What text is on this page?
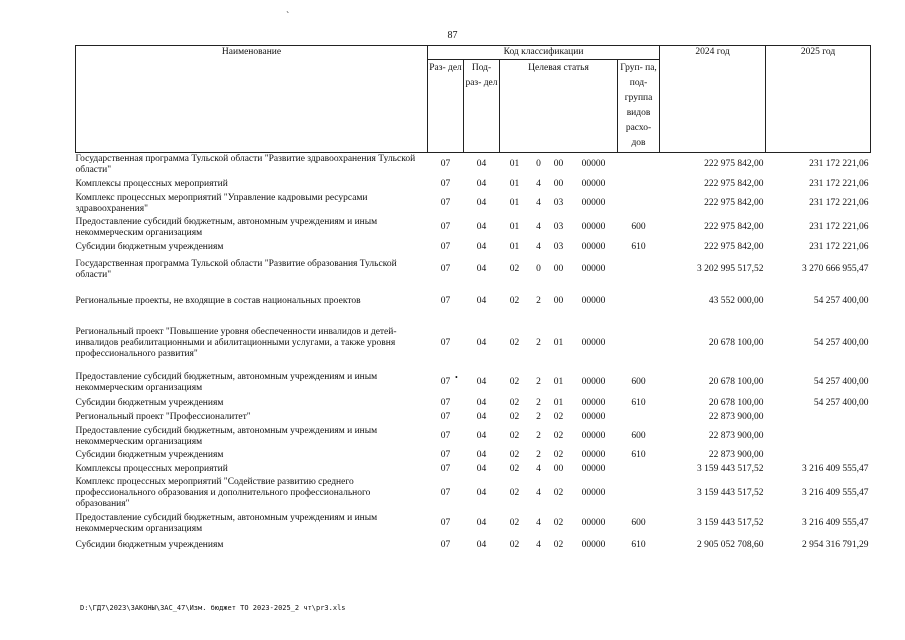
`
87
•
Наименование	Код классификации							2024 год	2025 год
	Раз- дел	Под- раз- дел	Целевая статья				Груп- па, под- группа видов расхо- дов		
Государственная программа Тульской области "Развитие здравоохранения Тульской области"	07	04	01	0	00	00000		222 975 842,00	231 172 221,06
Комплексы процессных мероприятий	07	04	01	4	00	00000		222 975 842,00	231 172 221,06
Комплекс процессных мероприятий "Управление кадровыми ресурсами здравоохранения"	07	04	01	4	03	00000		222 975 842,00	231 172 221,06
Предоставление субсидий бюджетным, автономным учреждениям и иным некоммерческим организациям	07	04	01	4	03	00000	600	222 975 842,00	231 172 221,06
Субсидии бюджетным учреждениям	07	04	01	4	03	00000	610	222 975 842,00	231 172 221,06
Государственная программа Тульской области "Развитие образования Тульской области"	07	04	02	0	00	00000		3 202 995 517,52	3 270 666 955,47
Региональные проекты, не входящие в состав национальных проектов	07	04	02	2	00	00000		43 552 000,00	54 257 400,00
Региональный проект "Повышение уровня обеспеченности инвалидов и детей-инвалидов реабилитационными и абилитационными услугами, а также уровня профессионального развития"	07	04	02	2	01	00000		20 678 100,00	54 257 400,00
Предоставление субсидий бюджетным, автономным учреждениям и иным некоммерческим организациям	07	04	02	2	01	00000	600	20 678 100,00	54 257 400,00
Субсидии бюджетным учреждениям	07	04	02	2	01	00000	610	20 678 100,00	54 257 400,00
Региональный проект "Профессионалитет"	07	04	02	2	02	00000		22 873 900,00	
Предоставление субсидий бюджетным, автономным учреждениям и иным некоммерческим организациям	07	04	02	2	02	00000	600	22 873 900,00	
Субсидии бюджетным учреждениям	07	04	02	2	02	00000	610	22 873 900,00	
Комплексы процессных мероприятий	07	04	02	4	00	00000		3 159 443 517,52	3 216 409 555,47
Комплекс процессных мероприятий "Содействие развитию среднего профессионального образования и дополнительного профессионального образования"	07	04	02	4	02	00000		3 159 443 517,52	3 216 409 555,47
Предоставление субсидий бюджетным, автономным учреждениям и иным некоммерческим организациям	07	04	02	4	02	00000	600	3 159 443 517,52	3 216 409 555,47
Субсидии бюджетным учреждениям	07	04	02	4	02	00000	610	2 905 052 708,60	2 954 316 791,29
D:\ГД7\2023\ЗАКОНЫ\ЗАС_47\Изм. бюджет ТО 2023-2025_2 чт\pr3.xls
